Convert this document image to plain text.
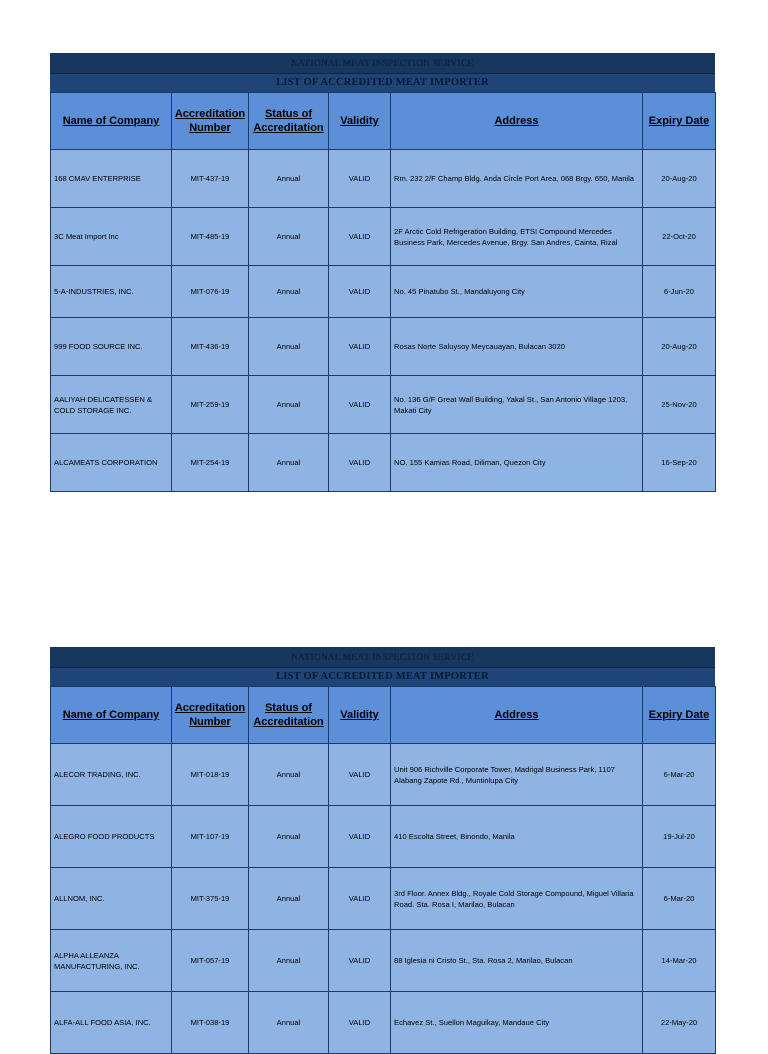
NATIONAL MEAT INSPECTION SERVICE
LIST OF ACCREDITED MEAT IMPORTER
Name of Company	Accreditation Number	Status of Accreditation	Validity	Address	Expiry Date
168 CMAV ENTERPRISE	MIT-437-19	Annual	VALID	Rm. 232 2/F Champ Bldg. Anda Circle Port Area, 068 Brgy. 650, Manila	20-Aug-20
3C Meat Import Inc	MIT-485-19	Annual	VALID	2F Arctic Cold Refrigeration Building, ETSI Compound Mercedes Business Park, Mercedes Avenue, Brgy. San Andres, Cainta, Rizal	22-Oct-20
5-A-INDUSTRIES, INC.	MIT-076-19	Annual	VALID	No. 45 Pinatubo St., Mandaluyong City	6-Jun-20
999 FOOD SOURCE INC.	MIT-436-19	Annual	VALID	Rosas Norte Saluysoy Meycauayan, Bulacan 3020	20-Aug-20
AALIYAH DELICATESSEN & COLD STORAGE INC.	MIT-259-19	Annual	VALID	No. 136 G/F Great Wall Building, Yakal St., San Antonio Village 1203, Makati City	25-Nov-20
ALCAMEATS CORPORATION	MIT-254-19	Annual	VALID	NO. 155 Kamias Road, Diliman, Quezon City	16-Sep-20
NATIONAL MEAT INSPECTION SERVICE
LIST OF ACCREDITED MEAT IMPORTER
Name of Company	Accreditation Number	Status of Accreditation	Validity	Address	Expiry Date
ALECOR TRADING, INC.	MIT-018-19	Annual	VALID	Unit 906 Richville Corporate Tower, Madrigal Business Park, 1107 Alabang Zapote Rd., Muntinlupa City	6-Mar-20
ALEGRO FOOD PRODUCTS	MIT-107-19	Annual	VALID	410 Escolta Street, Binondo, Manila	19-Jul-20
ALLNOM, INC.	MIT-375-19	Annual	VALID	3rd Floor. Annex Bldg., Royale Cold Storage Compound, Miguel Villaria Road. Sta. Rosa I, Marilao, Bulacan	6-Mar-20
ALPHA ALLEANZA MANUFACTURING, INC.	MIT-057-19	Annual	VALID	88 Iglesia ni Cristo St., Sta. Rosa 2, Marilao, Bulacan	14-Mar-20
ALFA-ALL FOOD ASIA, INC.	MIT-038-19	Annual	VALID	Echavez St., Suellon Maguikay, Mandaue City	22-May-20
